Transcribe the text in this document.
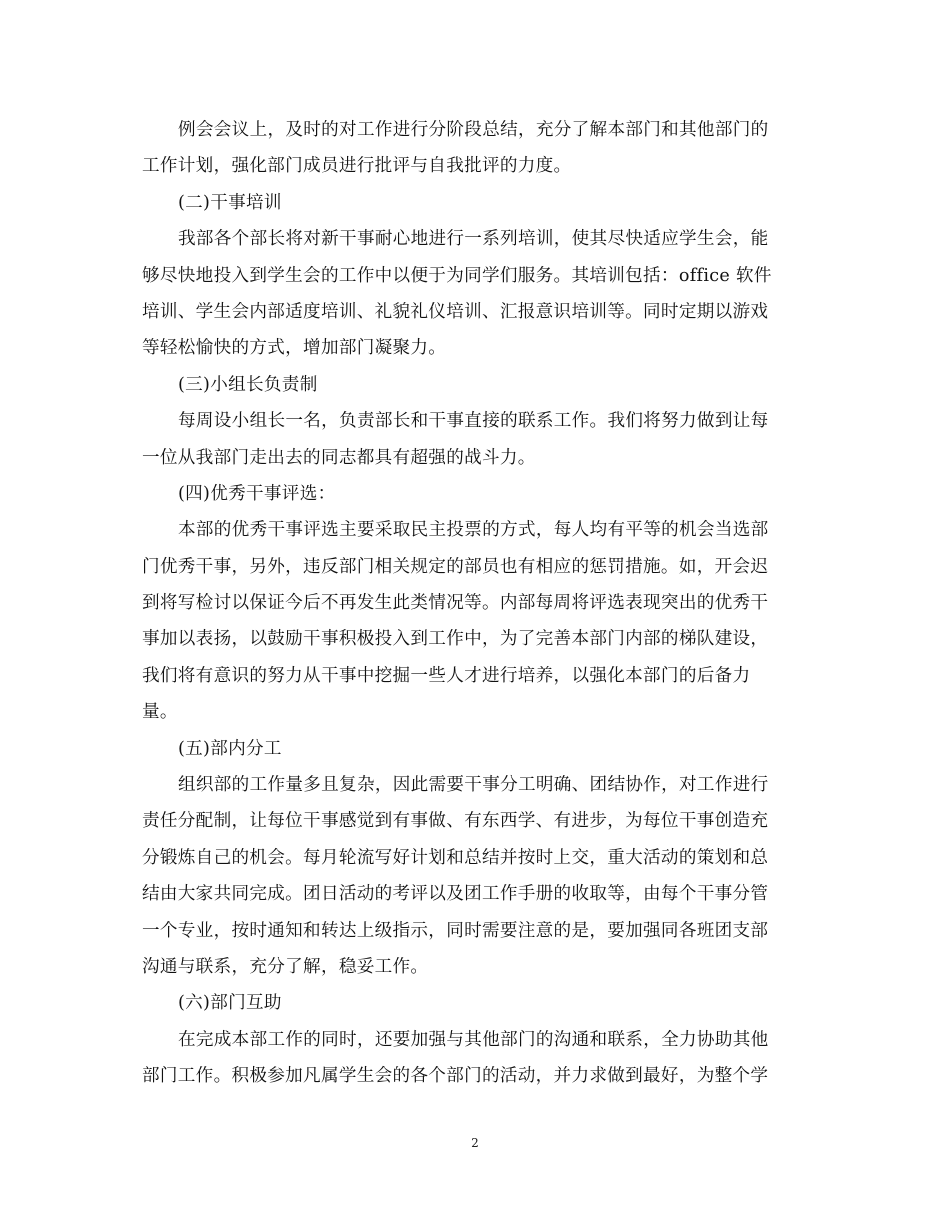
例会会议上，及时的对工作进行分阶段总结，充分了解本部门和其他部门的
工作计划，强化部门成员进行批评与自我批评的力度。
(二)干事培训
我部各个部长将对新干事耐心地进行一系列培训，使其尽快适应学生会，能
够尽快地投入到学生会的工作中以便于为同学们服务。其培训包括：office 软件
培训、学生会内部适度培训、礼貌礼仪培训、汇报意识培训等。同时定期以游戏
等轻松愉快的方式，增加部门凝聚力。
(三)小组长负责制
每周设小组长一名，负责部长和干事直接的联系工作。我们将努力做到让每
一位从我部门走出去的同志都具有超强的战斗力。
(四)优秀干事评选：
本部的优秀干事评选主要采取民主投票的方式，每人均有平等的机会当选部
门优秀干事，另外，违反部门相关规定的部员也有相应的惩罚措施。如，开会迟
到将写检讨以保证今后不再发生此类情况等。内部每周将评选表现突出的优秀干
事加以表扬，以鼓励干事积极投入到工作中，为了完善本部门内部的梯队建设，
我们将有意识的努力从干事中挖掘一些人才进行培养，以强化本部门的后备力
量。
(五)部内分工
组织部的工作量多且复杂，因此需要干事分工明确、团结协作，对工作进行
责任分配制，让每位干事感觉到有事做、有东西学、有进步，为每位干事创造充
分锻炼自己的机会。每月轮流写好计划和总结并按时上交，重大活动的策划和总
结由大家共同完成。团日活动的考评以及团工作手册的收取等，由每个干事分管
一个专业，按时通知和转达上级指示，同时需要注意的是，要加强同各班团支部
沟通与联系，充分了解，稳妥工作。
(六)部门互助
在完成本部工作的同时，还要加强与其他部门的沟通和联系，全力协助其他
部门工作。积极参加凡属学生会的各个部门的活动，并力求做到最好，为整个学
2
